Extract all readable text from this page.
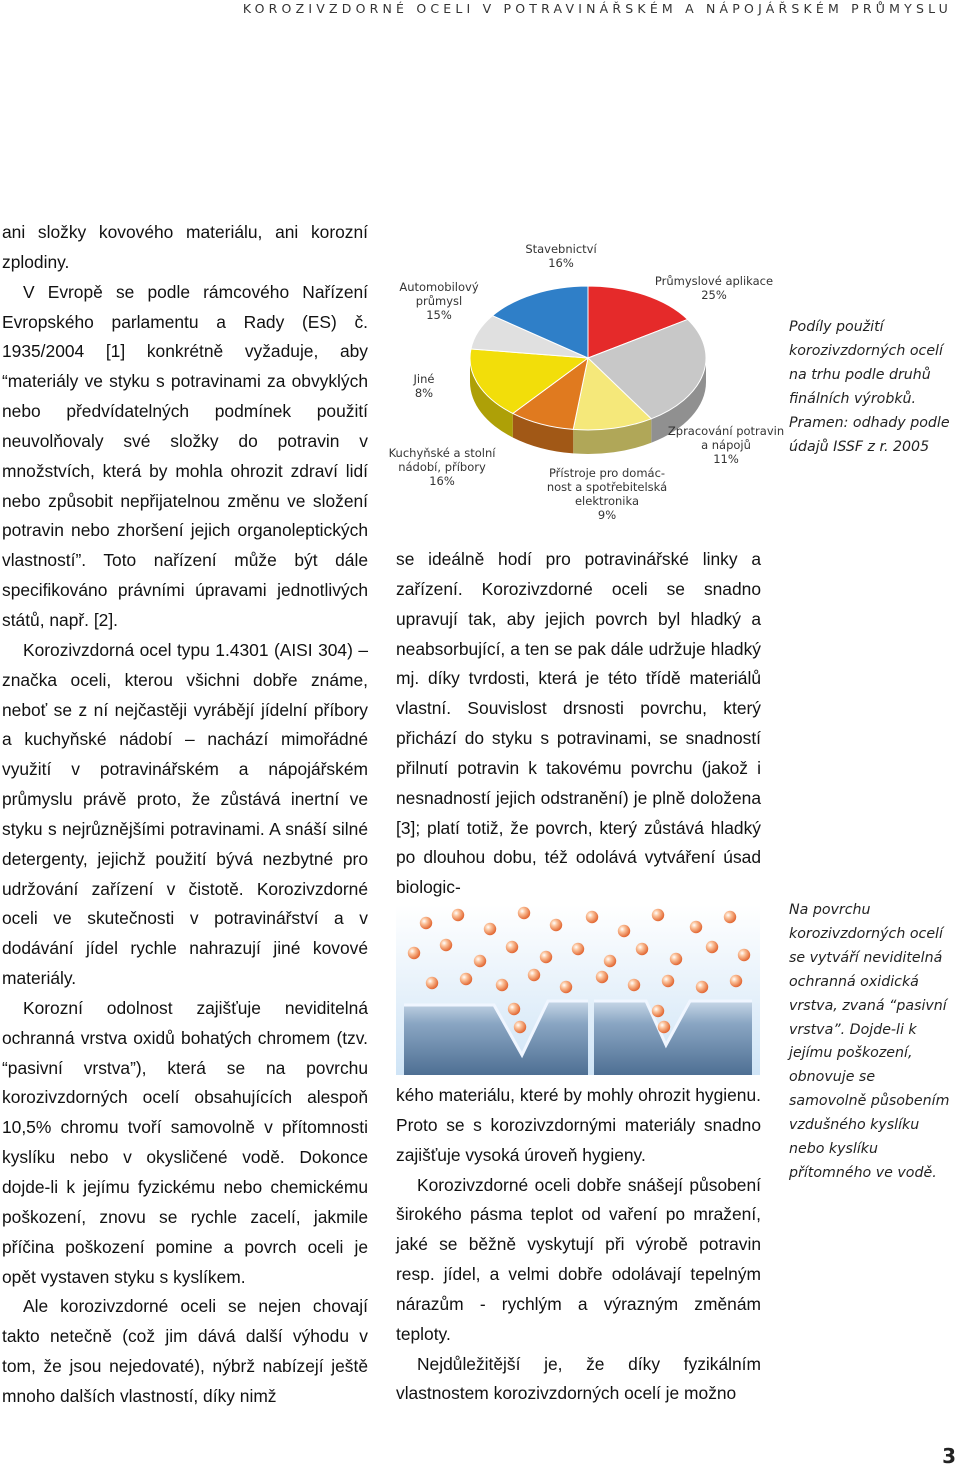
KOROZIVZDORNÉ OCELI V POTRAVINÁŘSKÉM A NÁPOJÁŘSKÉM PRŮMYSLU

ani složky kovového materiálu, ani korozní zplodiny.

V Evropě se podle rámcového Nařízení Evropského parlamentu a Rady (ES) č. 1935/2004 [1] konkrétně vyžaduje, aby “materiály ve styku s potravinami za obvyklých nebo předvídatelných podmínek použití neuvolňovaly své složky do potravin v množstvích, která by mohla ohrozit zdraví lidí nebo způsobit nepřijatelnou změnu ve složení potravin nebo zhoršení jejich organoleptických vlastností”. Toto nařízení může být dále specifikováno právními úpravami jednotlivých států, např. [2].

Korozivzdorná ocel typu 1.4301 (AISI 304) – značka oceli, kterou všichni dobře známe, neboť se z ní nejčastěji vyrábějí jídelní příbory a kuchyňské nádobí – nachází mimořádné využití v potravinářském a nápojářském průmyslu právě proto, že zůstává inertní ve styku s nejrůznějšími potravinami. A snáší silné detergenty, jejichž použití bývá nezbytné pro udržování zařízení v čistotě. Korozivzdorné oceli ve skutečnosti v potravinářství a v dodávání jídel rychle nahrazují jiné kovové materiály.

Korozní odolnost zajišťuje neviditelná ochranná vrstva oxidů bohatých chromem (tzv. “pasivní vrstva”), která se na povrchu korozivzdorných ocelí obsahujících alespoň 10,5% chromu tvoří samovolně v přítomnosti kyslíku nebo v okysličené vodě. Dokonce dojde-li k jejímu fyzickému nebo chemickému poškození, znovu se rychle zacelí, jakmile příčina poškození pomine a povrch oceli je opět vystaven styku s kyslíkem.

Ale korozivzdorné oceli se nejen chovají takto netečně (což jim dává další výhodu v tom, že jsou nejedovaté), nýbrž nabízejí ještě mnoho dalších vlastností, díky nimž

Stavebnictví
16%
Průmyslové aplikace
25%
Zpracování potravin
a nápojů
11%
Přístroje pro domác-
nost a spotřebitelská
elektronika
9%
Kuchyňské a stolní
nádobí, příbory
16%
Jiné
8%
Automobilový
průmysl
15%

Podíly použití korozivzdorných ocelí na trhu podle druhů finálních výrobků.

Pramen: odhady podle údajů ISSF z r. 2005

se ideálně hodí pro potravinářské linky a zařízení. Korozivzdorné oceli se snadno upravují tak, aby jejich povrch byl hladký a neabsorbující, a ten se pak dále udržuje hladký mj. díky tvrdosti, která je této třídě materiálů vlastní. Souvislost drsnosti povrchu, který přichází do styku s potravinami, se snadností přilnutí potravin k takovému povrchu (jakož i nesnadností jejich odstranění) je plně doložena [3]; platí totiž, že povrch, který zůstává hladký po dlouhou dobu, též odolává vytváření úsad biologic-

Na povrchu korozivzdorných ocelí se vytváří neviditelná ochranná oxidická vrstva, zvaná “pasivní vrstva”. Dojde-li k jejímu poškození, obnovuje se samovolně působením vzdušného kyslíku nebo kyslíku přítomného ve vodě.

kého materiálu, které by mohly ohrozit hygienu. Proto se s korozivzdornými materiály snadno zajišťuje vysoká úroveň hygieny.

Korozivzdorné oceli dobře snášejí působení širokého pásma teplot od vaření po mražení, jaké se běžně vyskytují při výrobě potravin resp. jídel, a velmi dobře odolávají tepelným nárazům - rychlým a výrazným změnám teploty.

Nejdůležitější je, že díky fyzikálním vlastnostem korozivzdorných ocelí je možno

3
